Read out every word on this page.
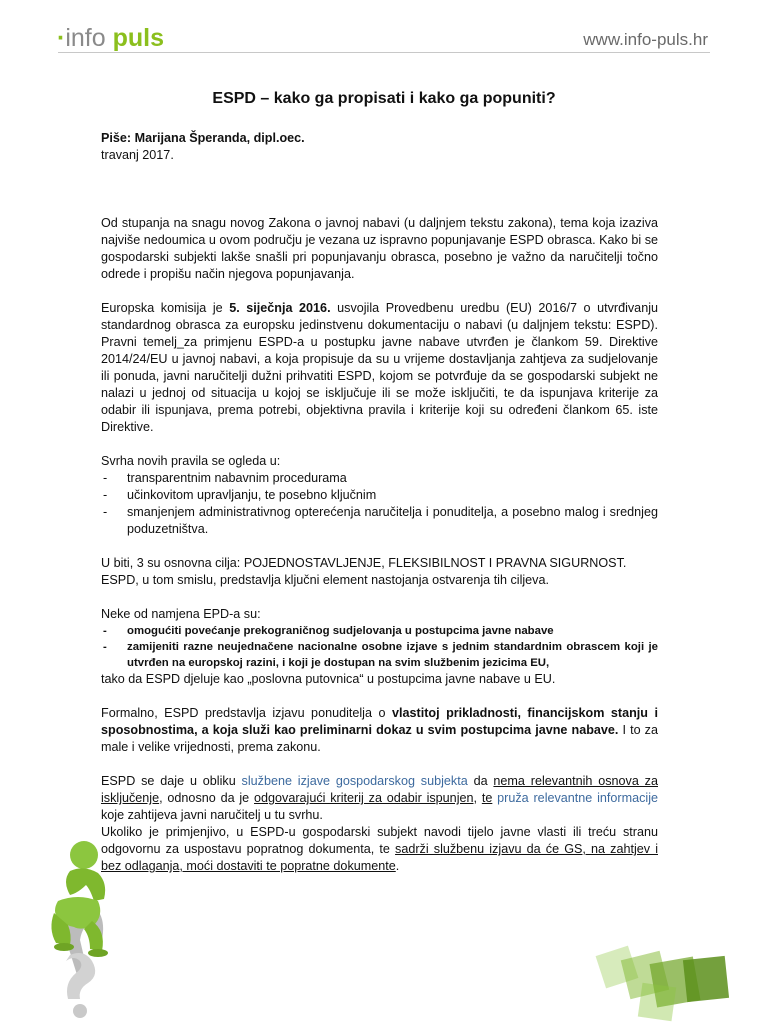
·info puls	www.info-puls.hr
ESPD – kako ga propisati i kako ga popuniti?

Piše: Marijana Šperanda, dipl.oec.

travanj 2017.

Od stupanja na snagu novog Zakona o javnoj nabavi (u daljnjem tekstu zakona), tema koja izaziva najviše nedoumica u ovom području je vezana uz ispravno popunjavanje ESPD obrasca. Kako bi se gospodarski subjekti lakše snašli pri popunjavanju obrasca, posebno je važno da naručitelji točno odrede i propišu način njegova popunjavanja.

Europska komisija je 5. siječnja 2016. usvojila Provedbenu uredbu (EU) 2016/7 o utvrđivanju standardnog obrasca za europsku jedinstvenu dokumentaciju o nabavi (u daljnjem tekstu: ESPD). Pravni temelj_za primjenu ESPD-a u postupku javne nabave utvrđen je člankom 59. Direktive 2014/24/EU u javnoj nabavi, a koja propisuje da su u vrijeme dostavljanja zahtjeva za sudjelovanje ili ponuda, javni naručitelji dužni prihvatiti ESPD, kojom se potvrđuje da se gospodarski subjekt ne nalazi u jednoj od situacija u kojoj se isključuje ili se može isključiti, te da ispunjava kriterije za odabir ili ispunjava, prema potrebi, objektivna pravila i kriterije koji su određeni člankom 65. iste Direktive.

Svrha novih pravila se ogleda u:

- transparentnim nabavnim procedurama
- učinkovitom upravljanju, te posebno ključnim
- smanjenjem administrativnog opterećenja naručitelja i ponuditelja, a posebno malog i srednjeg poduzetništva.

U biti, 3 su osnovna cilja: POJEDNOSTAVLJENJE, FLEKSIBILNOST I PRAVNA SIGURNOST.
ESPD, u tom smislu, predstavlja ključni element nastojanja ostvarenja tih ciljeva.

Neke od namjena EPD-a su:

- omogućiti povećanje prekograničnog sudjelovanja u postupcima javne nabave
- zamijeniti razne neujednačene nacionalne osobne izjave s jednim standardnim obrascem koji je utvrđen na europskoj razini, i koji je dostupan na svim službenim jezicima EU,

tako da ESPD djeluje kao „poslovna putovnica“ u postupcima javne nabave u EU.

Formalno, ESPD predstavlja izjavu ponuditelja o vlastitoj prikladnosti, financijskom stanju i sposobnostima, a koja služi kao preliminarni dokaz u svim postupcima javne nabave. I to za male i velike vrijednosti, prema zakonu.

ESPD se daje u obliku službene izjave gospodarskog subjekta da nema relevantnih osnova za isključenje, odnosno da je odgovarajući kriterij za odabir ispunjen, te pruža relevantne informacije koje zahtijeva javni naručitelj u tu svrhu.
Ukoliko je primjenjivo, u ESPD-u gospodarski subjekt navodi tijelo javne vlasti ili treću stranu odgovornu za uspostavu popratnog dokumenta, te sadrži službenu izjavu da će GS, na zahtjev i bez odlaganja, moći dostaviti te popratne dokumente.
